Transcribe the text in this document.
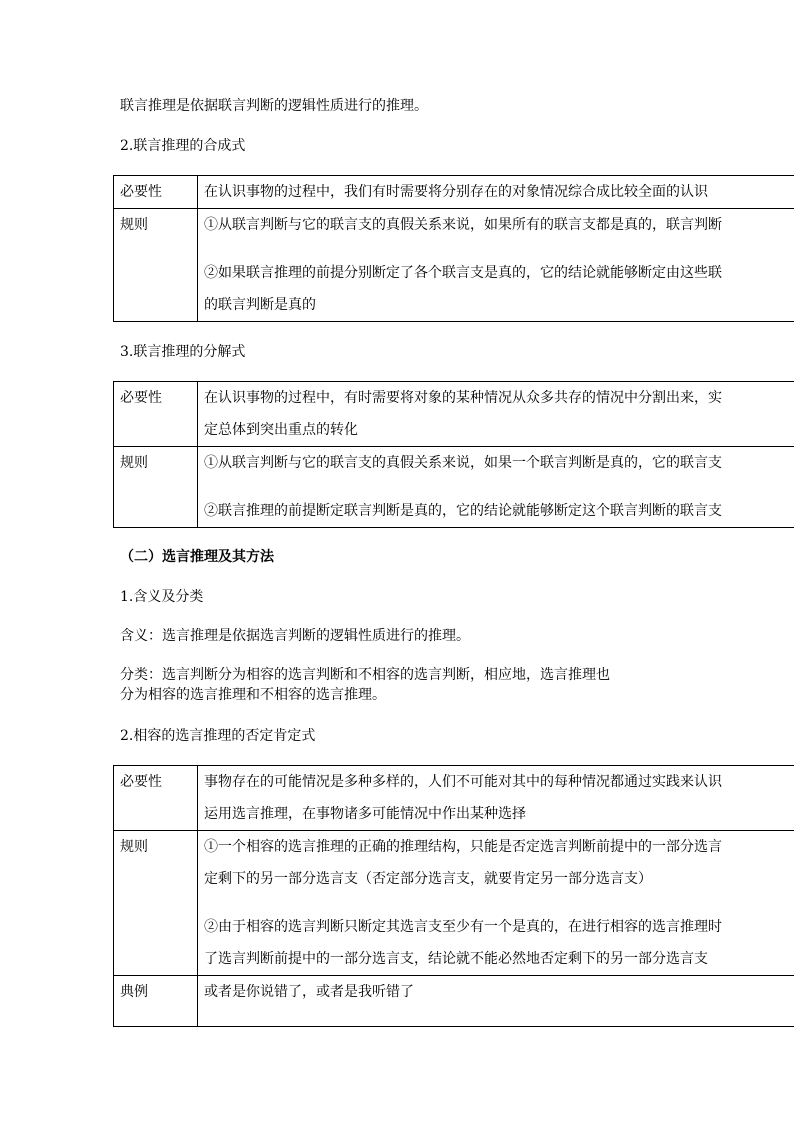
联言推理是依据联言判断的逻辑性质进行的推理。

2.联言推理的合成式

必要性	在认识事物的过程中，我们有时需要将分别存在的对象情况综合成比较全面的认识

规则	①从联言判断与它的联言支的真假关系来说，如果所有的联言支都是真的，联言判断
②如果联言推理的前提分别断定了各个联言支是真的，它的结论就能够断定由这些联
的联言判断是真的

3.联言推理的分解式

必要性	在认识事物的过程中，有时需要将对象的某种情况从众多共存的情况中分割出来，实
定总体到突出重点的转化

规则	①从联言判断与它的联言支的真假关系来说，如果一个联言判断是真的，它的联言支
②联言推理的前提断定联言判断是真的，它的结论就能够断定这个联言判断的联言支

（二）选言推理及其方法

1.含义及分类

含义：选言推理是依据选言判断的逻辑性质进行的推理。

分类：选言判断分为相容的选言判断和不相容的选言判断，相应地，选言推理也

分为相容的选言推理和不相容的选言推理。

2.相容的选言推理的否定肯定式

必要性	事物存在的可能情况是多种多样的，人们不可能对其中的每种情况都通过实践来认识
运用选言推理，在事物诸多可能情况中作出某种选择

规则	①一个相容的选言推理的正确的推理结构，只能是否定选言判断前提中的一部分选言
定剩下的另一部分选言支（否定部分选言支，就要肯定另一部分选言支）
②由于相容的选言判断只断定其选言支至少有一个是真的，在进行相容的选言推理时
了选言判断前提中的一部分选言支，结论就不能必然地否定剩下的另一部分选言支

典例	或者是你说错了，或者是我听错了
